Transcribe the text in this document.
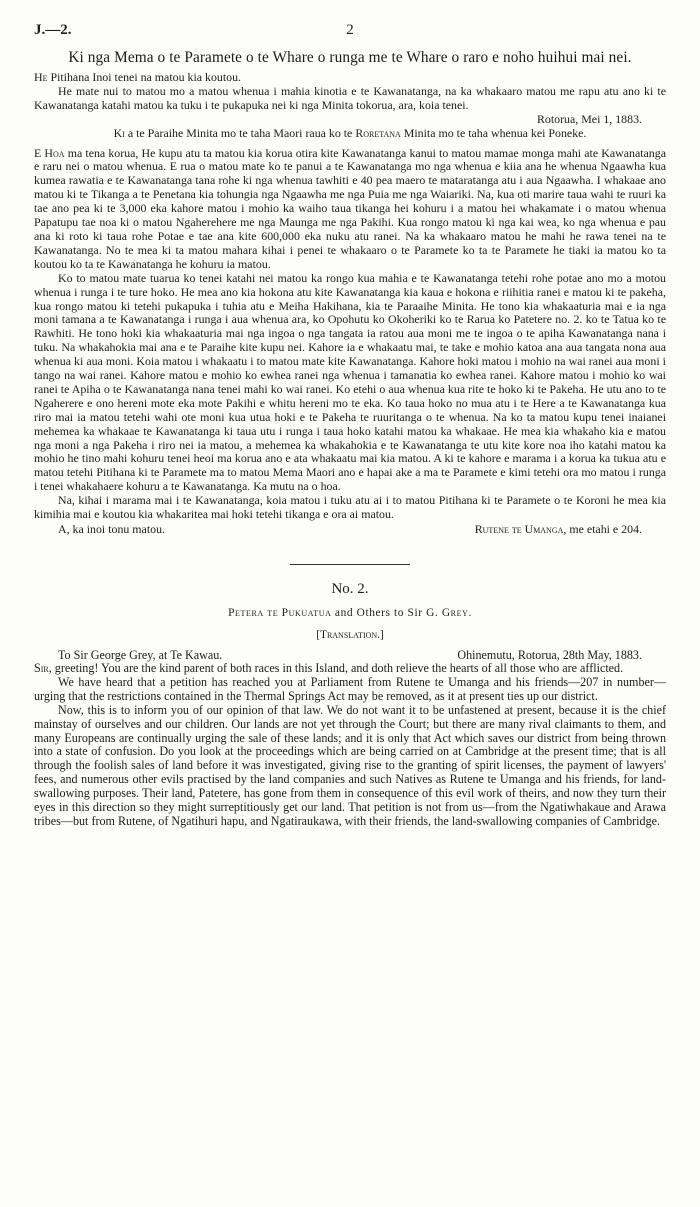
J.—2.	2
Ki nga Mema o te Paramete o te Whare o runga me te Whare o raro e noho huihui mai nei.

He Pitihana Inoi tenei na matou kia koutou.

He mate nui to matou mo a matou whenua i mahia kinotia e te Kawanatanga, na ka whakaaro matou me rapu atu ano ki te Kawanatanga katahi matou ka tuku i te pukapuka nei ki nga Minita tokorua, ara, koia tenei.

Rotorua, Mei 1, 1883.

Ki a te Paraihe Minita mo te taha Maori raua ko te Roretana Minita mo te taha whenua kei Poneke.

E Hoa ma tena korua, He kupu atu ta matou kia korua otira kite Kawanatanga kanui to matou mamae monga mahi ate Kawanatanga e raru nei o matou whenua. E rua o matou mate ko te panui a te Kawanatanga mo nga whenua e kiia ana he whenua Ngaawha kua kumea rawatia e te Kawanatanga tana rohe ki nga whenua tawhiti e 40 pea maero te mataratanga atu i aua Ngaawha. I whakaae ano matou ki te Tikanga a te Penetana kia tohungia nga Ngaawha me nga Puia me nga Waiariki. Na, kua oti marire taua wahi te ruuri ka tae ano pea ki te 3,000 eka kahore matou i mohio ka waiho taua tikanga hei kohuru i a matou hei whakamate i o matou whenua Papatupu tae noa ki o matou Ngaherehere me nga Maunga me nga Pakihi. Kua rongo matou ki nga kai wea, ko nga whenua e pau ana ki roto ki taua rohe Potae e tae ana kite 600,000 eka nuku atu ranei. Na ka whakaaro matou he mahi he rawa tenei na te Kawanatanga. No te mea ki ta matou mahara kihai i penei te whakaaro o te Paramete ko ta te Paramete he tiaki ia matou ko ta koutou ko ta te Kawanatanga he kohuru ia matou.

Ko to matou mate tuarua ko tenei katahi nei matou ka rongo kua mahia e te Kawanatanga tetehi rohe potae ano mo a motou whenua i runga i te ture hoko. He mea ano kia hokona atu kite Kawanatanga kia kaua e hokona e riihitia ranei e matou ki te pakeha, kua rongo matou ki tetehi pukapuka i tuhia atu e Meiha Hakihana, kia te Paraaihe Minita. He tono kia whakaaturia mai e ia nga moni tamana a te Kawanatanga i runga i aua whenua ara, ko Opohutu ko Okoheriki ko te Rarua ko Patetere no. 2. ko te Tatua ko te Rawhiti. He tono hoki kia whakaaturia mai nga ingoa o nga tangata ia ratou aua moni me te ingoa o te apiha Kawanatanga nana i tuku. Na whakahokia mai ana e te Paraihe kite kupu nei. Kahore ia e whakaatu mai, te take e mohio katoa ana aua tangata nona aua whenua ki aua moni. Koia matou i whakaatu i to matou mate kite Kawanatanga. Kahore hoki matou i mohio na wai ranei aua moni i tango na wai ranei. Kahore matou e mohio ko ewhea ranei nga whenua i tamanatia ko ewhea ranei. Kahore matou i mohio ko wai ranei te Apiha o te Kawanatanga nana tenei mahi ko wai ranei. Ko etehi o aua whenua kua rite te hoko ki te Pakeha. He utu ano to te Ngaherere e ono hereni mote eka mote Pakihi e whitu hereni mo te eka. Ko taua hoko no mua atu i te Here a te Kawanatanga kua riro mai ia matou tetehi wahi ote moni kua utua hoki e te Pakeha te ruuritanga o te whenua. Na ko ta matou kupu tenei inaianei mehemea ka whakaae te Kawanatanga ki taua utu i runga i taua hoko katahi matou ka whakaae. He mea kia whakaho kia e matou nga moni a nga Pakeha i riro nei ia matou, a mehemea ka whakahokia e te Kawanatanga te utu kite kore noa iho katahi matou ka mohio he tino mahi kohuru tenei heoi ma korua ano e ata whakaatu mai kia matou. A ki te kahore e marama i a korua ka tukua atu e matou tetehi Pitihana ki te Paramete ma to matou Mema Maori ano e hapai ake a ma te Paramete e kimi tetehi ora mo matou i runga i tenei whakahaere kohuru a te Kawanatanga. Ka mutu na o hoa.

Na, kihai i marama mai i te Kawanatanga, koia matou i tuku atu ai i to matou Pitihana ki te Paramete o te Koroni he mea kia kimihia mai e koutou kia whakaritea mai hoki tetehi tikanga e ora ai matou.

A, ka inoi tonu matou.	Rutene te Umanga, me etahi e 204.
No. 2.
Petera te Pukuatua and Others to Sir G. Grey.
[Translation.]
To Sir George Grey, at Te Kawau.	Ohinemutu, Rotorua, 28th May, 1883.

Sir, greeting! You are the kind parent of both races in this Island, and doth relieve the hearts of all those who are afflicted.

We have heard that a petition has reached you at Parliament from Rutene te Umanga and his friends—207 in number—urging that the restrictions contained in the Thermal Springs Act may be removed, as it at present ties up our district.

Now, this is to inform you of our opinion of that law. We do not want it to be unfastened at present, because it is the chief mainstay of ourselves and our children. Our lands are not yet through the Court; but there are many rival claimants to them, and many Europeans are continually urging the sale of these lands; and it is only that Act which saves our district from being thrown into a state of confusion. Do you look at the proceedings which are being carried on at Cambridge at the present time; that is all through the foolish sales of land before it was investigated, giving rise to the granting of spirit licenses, the payment of lawyers' fees, and numerous other evils practised by the land companies and such Natives as Rutene te Umanga and his friends, for land-swallowing purposes. Their land, Patetere, has gone from them in consequence of this evil work of theirs, and now they turn their eyes in this direction so they might surreptitiously get our land. That petition is not from us—from the Ngatiwhakaue and Arawa tribes—but from Rutene, of Ngatihuri hapu, and Ngatiraukawa, with their friends, the land-swallowing companies of Cambridge.
